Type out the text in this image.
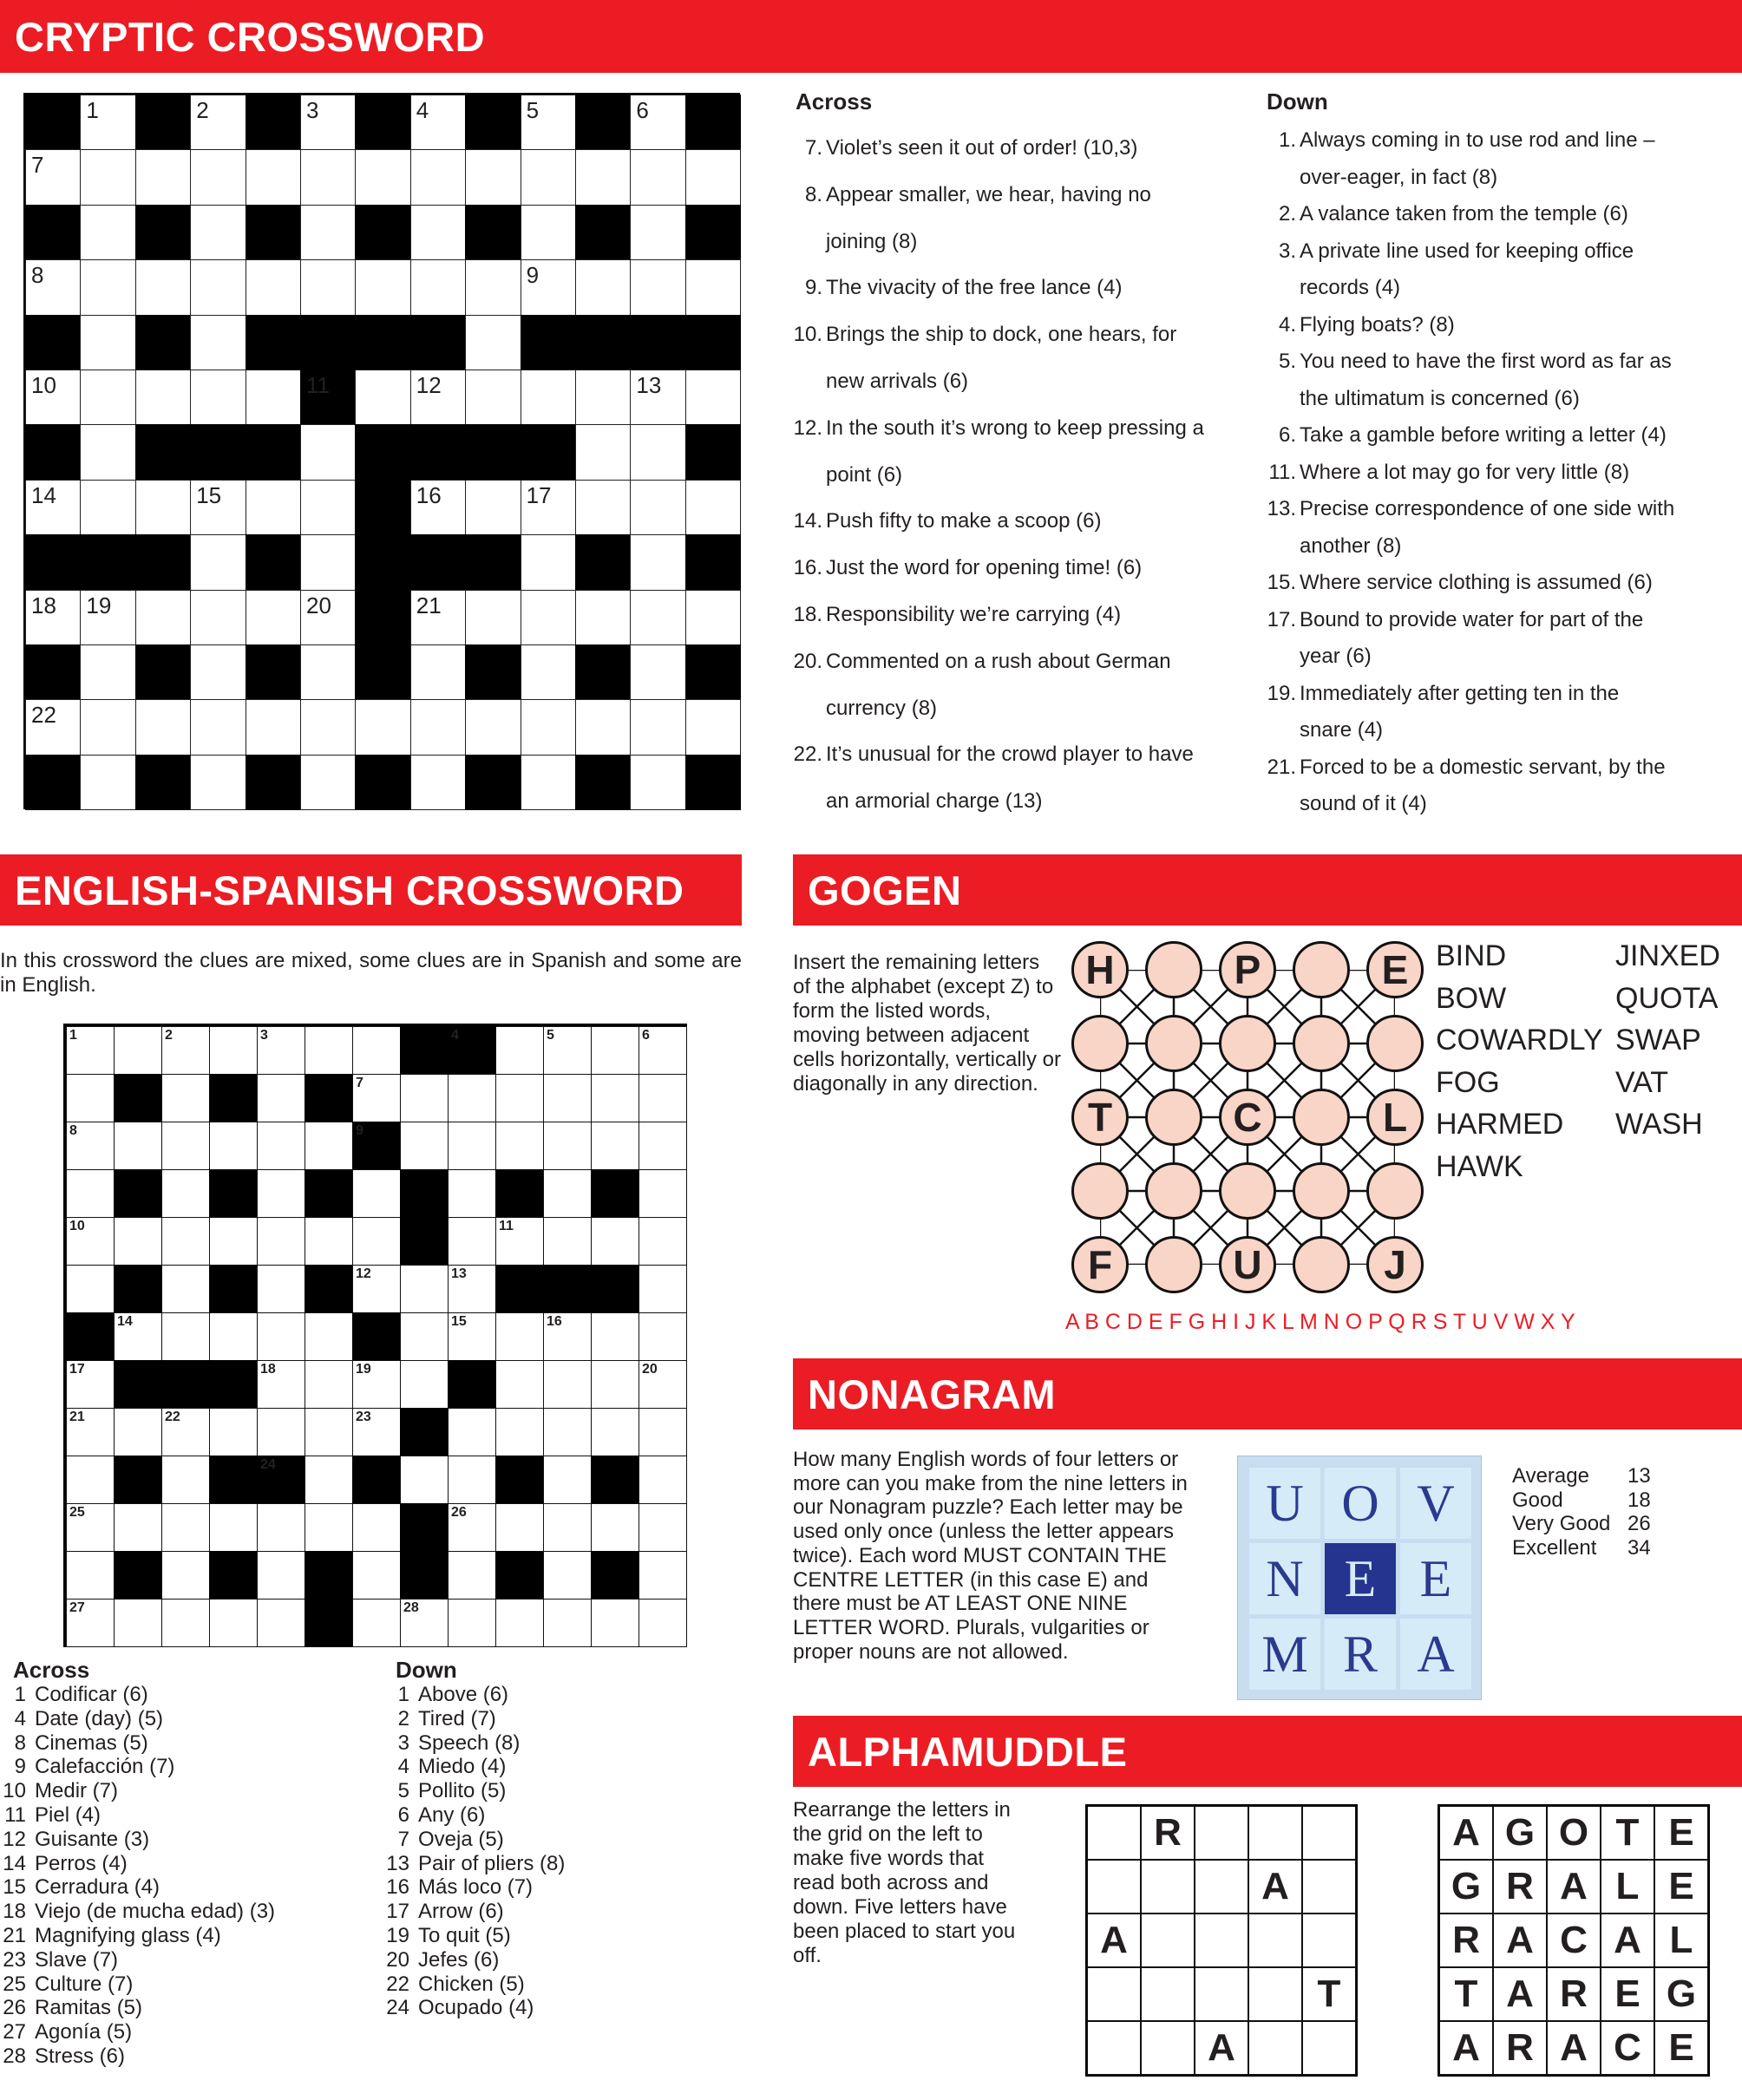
CRYPTIC CROSSWORD
1	2	3	4	5	6
7
8	9
10	11	12	13
14	15	16	17
18 19	20	21
22
Across
7. Violet’s seen it out of order! (10,3)
8. Appear smaller, we hear, having no
joining (8)
9. The vivacity of the free lance (4)
10. Brings the ship to dock, one hears, for
new arrivals (6)
12. In the south it’s wrong to keep pressing a
point (6)
14. Push fifty to make a scoop (6)
16. Just the word for opening time! (6)
18. Responsibility we’re carrying (4)
20. Commented on a rush about German
currency (8)
22. It’s unusual for the crowd player to have
an armorial charge (13)
Down
1. Always coming in to use rod and line –
over-eager, in fact (8)
2. A valance taken from the temple (6)
3. A private line used for keeping office
records (4)
4. Flying boats? (8)
5. You need to have the first word as far as
the ultimatum is concerned (6)
6. Take a gamble before writing a letter (4)
11. Where a lot may go for very little (8)
13. Precise correspondence of one side with
another (8)
15. Where service clothing is assumed (6)
17. Bound to provide water for part of the
year (6)
19. Immediately after getting ten in the
snare (4)
21. Forced to be a domestic servant, by the
sound of it (4)
ENGLISH-SPANISH CROSSWORD
In this crossword the clues are mixed, some clues are in Spanish and some are in English.
1	2	3	4	5	6
7
8	9
10	11
12	13
14	15	16
17	18	19	20
21	22	23
24
25	26
27	28
Across
1 Codificar (6)
4 Date (day) (5)
8 Cinemas (5)
9 Calefacción (7)
10 Medir (7)
11 Piel (4)
12 Guisante (3)
14 Perros (4)
15 Cerradura (4)
18 Viejo (de mucha edad) (3)
21 Magnifying glass (4)
23 Slave (7)
25 Culture (7)
26 Ramitas (5)
27 Agonía (5)
28 Stress (6)
Down
1 Above (6)
2 Tired (7)
3 Speech (8)
4 Miedo (4)
5 Pollito (5)
6 Any (6)
7 Oveja (5)
13 Pair of pliers (8)
16 Más loco (7)
17 Arrow (6)
19 To quit (5)
20 Jefes (6)
22 Chicken (5)
24 Ocupado (4)
GOGEN
Insert the remaining letters of the alphabet (except Z) to form the listed words, moving between adjacent cells horizontally, vertically or diagonally in any direction.
H	P	E
T	C	L
F	U	J
BIND
BOW
COWARDLY
FOG
HARMED
HAWK
JINXED
QUOTA
SWAP
VAT
WASH
A B C D E F G H I J K L M N O P Q R S T U V W X Y
NONAGRAM
How many English words of four letters or more can you make from the nine letters in our Nonagram puzzle? Each letter may be used only once (unless the letter appears twice). Each word MUST CONTAIN THE CENTRE LETTER (in this case E) and there must be AT LEAST ONE NINE LETTER WORD. Plurals, vulgarities or proper nouns are not allowed.
U O V
N E E
M R A
Average 13
Good	18
Very Good 26
Excellent 34
ALPHAMUDDLE
Rearrange the letters in the grid on the left to make five words that read both across and down. Five letters have been placed to start you off.
R
A
A
T
A
A G O T E
G R A L E
R A C A L
T A R E G
A R A C E
